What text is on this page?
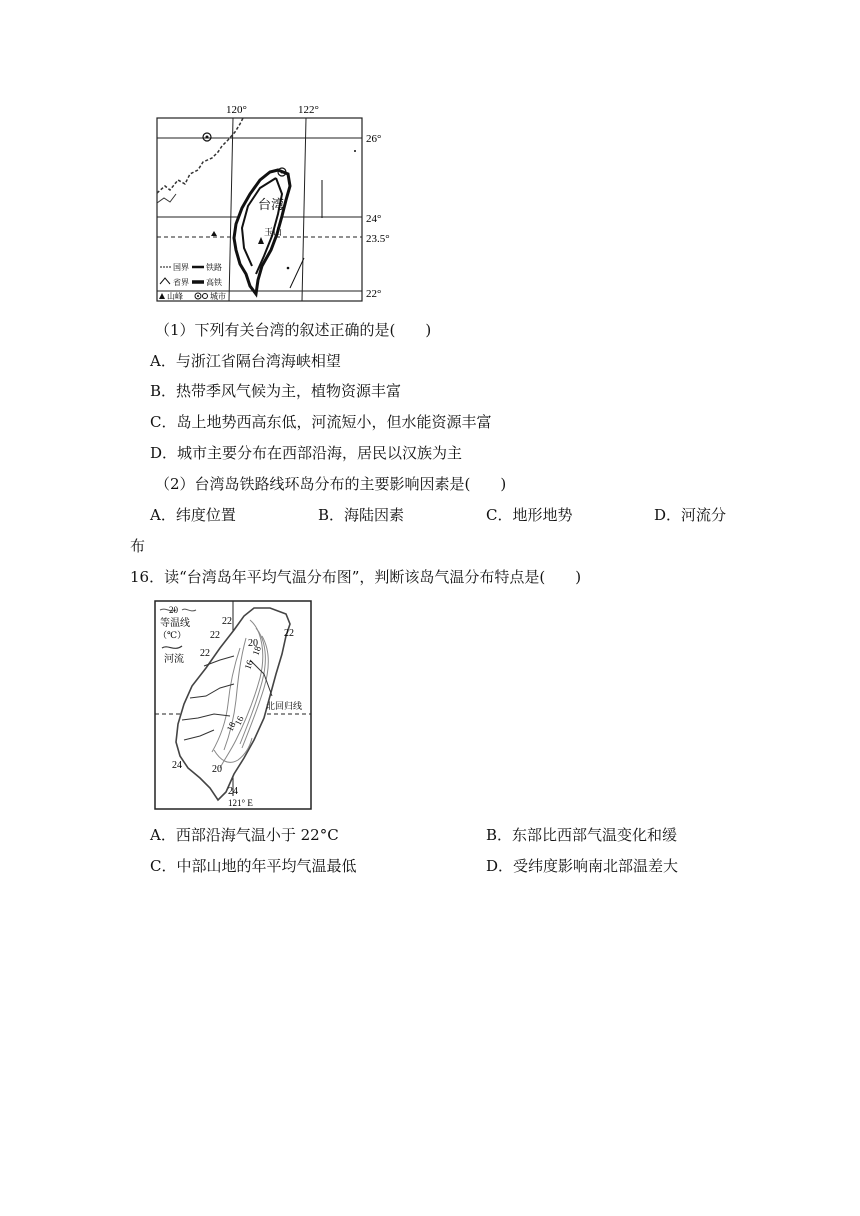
120°	122°
26°
24°
23.5°
22°
台湾
玉山
国界 铁路
省界 高铁
山峰	城市
（1）下列有关台湾的叙述正确的是(　　)
A．与浙江省隔台湾海峡相望
B．热带季风气候为主，植物资源丰富
C．岛上地势西高东低，河流短小，但水能资源丰富
D．城市主要分布在西部沿海，居民以汉族为主
（2）台湾岛铁路线环岛分布的主要影响因素是(　　)
A．纬度位置	B．海陆因素	C．地形地势	D．河流分
布
16．读“台湾岛年平均气温分布图”，判断该岛气温分布特点是(　　)
20
等温线
（℃）
河流
22
22
22
22
20
18
16
18
16
20
24
24
北回归线
121° E
A．西部沿海气温小于 22°C	B．东部比西部气温变化和缓
C．中部山地的年平均气温最低	D．受纬度影响南北部温差大
